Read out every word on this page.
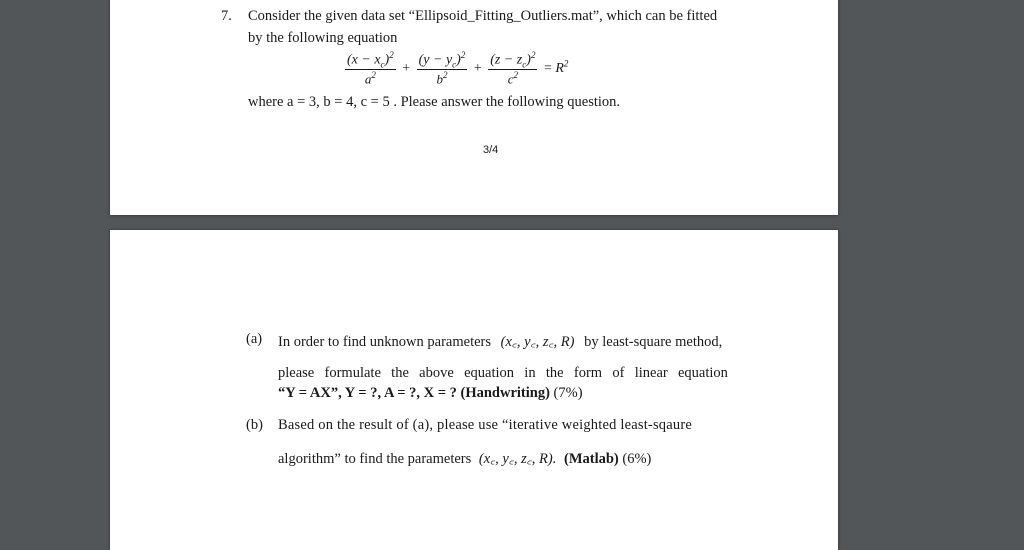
7. Consider the given data set “Ellipsoid_Fitting_Outliers.mat”, which can be fitted
by the following equation
$\frac{(x - x_c)^2}{a^2} + \frac{(y - y_c)^2}{b^2} + \frac{(z - z_c)^2}{c^2} = R^2$
where a = 3, b = 4, c = 5 . Please answer the following question.
3/4
(a) In order to find unknown parameters (x꜀, y꜀, z꜀, R) by least-square method,
please formulate the above equation in the form of linear equation
“Y = AX”, Y = ?, A = ?, X = ? (Handwriting) (7%)
(b) Based on the result of (a), please use “iterative weighted least-sqaure
algorithm” to find the parameters (x꜀, y꜀, z꜀, R). (Matlab) (6%)
